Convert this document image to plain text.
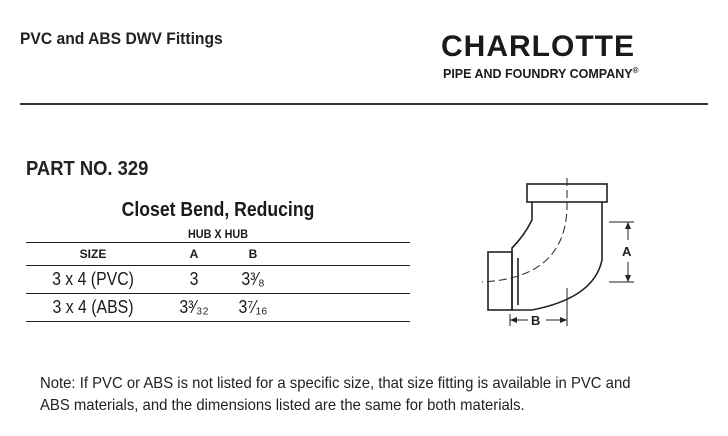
PVC and ABS DWV Fittings	CHARLOTTE
PIPE AND FOUNDRY COMPANY®
PART NO. 329
Closet Bend, Reducing
HUB X HUB
SIZE	A	B
3 x 4 (PVC)	3	3³⁄₈
3 x 4 (ABS)	3³⁄₃₂	3⁷⁄₁₆
A
B
Note: If PVC or ABS is not listed for a specific size, that size fitting is available in PVC and ABS materials, and the dimensions listed are the same for both materials.
